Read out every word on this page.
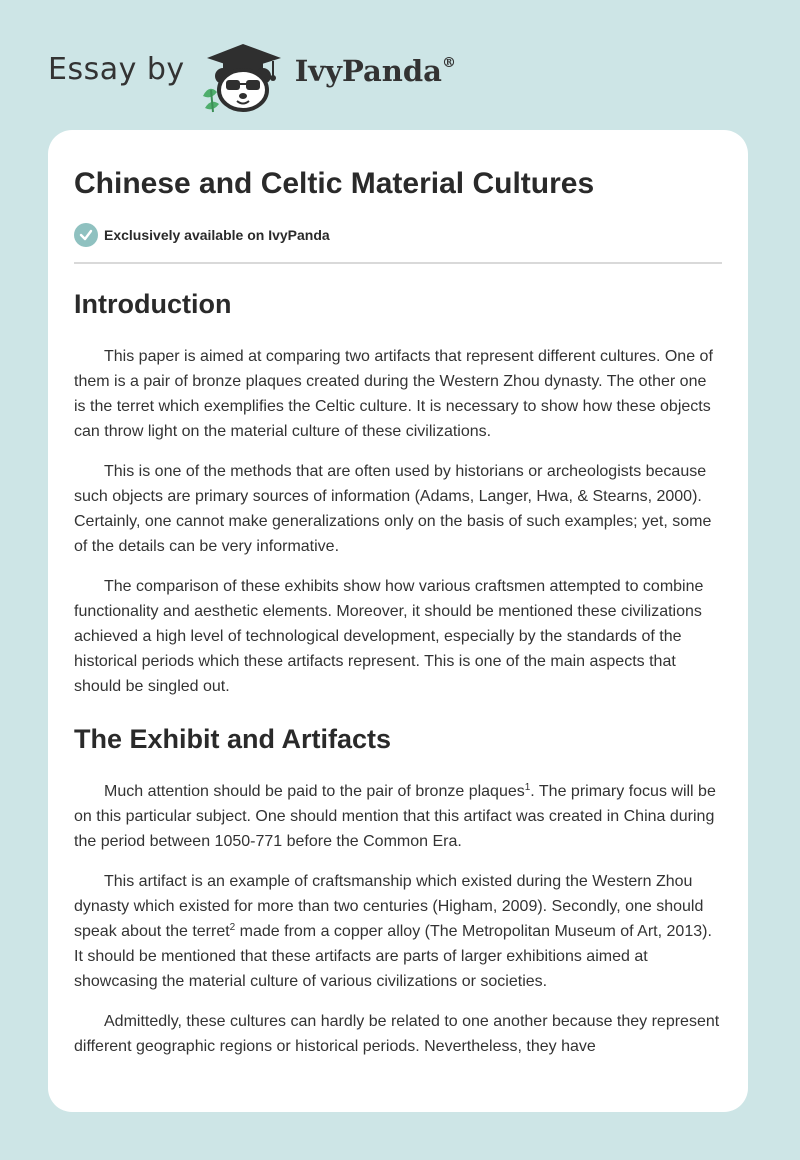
Essay by	IvyPanda®
Chinese and Celtic Material Cultures
Exclusively available on IvyPanda
Introduction

This paper is aimed at comparing two artifacts that represent different cultures. One of them is a pair of bronze plaques created during the Western Zhou dynasty. The other one is the terret which exemplifies the Celtic culture. It is necessary to show how these objects can throw light on the material culture of these civilizations.

This is one of the methods that are often used by historians or archeologists because such objects are primary sources of information (Adams, Langer, Hwa, & Stearns, 2000). Certainly, one cannot make generalizations only on the basis of such examples; yet, some of the details can be very informative.

The comparison of these exhibits show how various craftsmen attempted to combine functionality and aesthetic elements. Moreover, it should be mentioned these civilizations achieved a high level of technological development, especially by the standards of the historical periods which these artifacts represent. This is one of the main aspects that should be singled out.

The Exhibit and Artifacts

Much attention should be paid to the pair of bronze plaques$^1$. The primary focus will be on this particular subject. One should mention that this artifact was created in China during the period between 1050-771 before the Common Era.

This artifact is an example of craftsmanship which existed during the Western Zhou dynasty which existed for more than two centuries (Higham, 2009). Secondly, one should speak about the terret$^2$ made from a copper alloy (The Metropolitan Museum of Art, 2013). It should be mentioned that these artifacts are parts of larger exhibitions aimed at showcasing the material culture of various civilizations or societies.

Admittedly, these cultures can hardly be related to one another because they represent different geographic regions or historical periods. Nevertheless, they have
